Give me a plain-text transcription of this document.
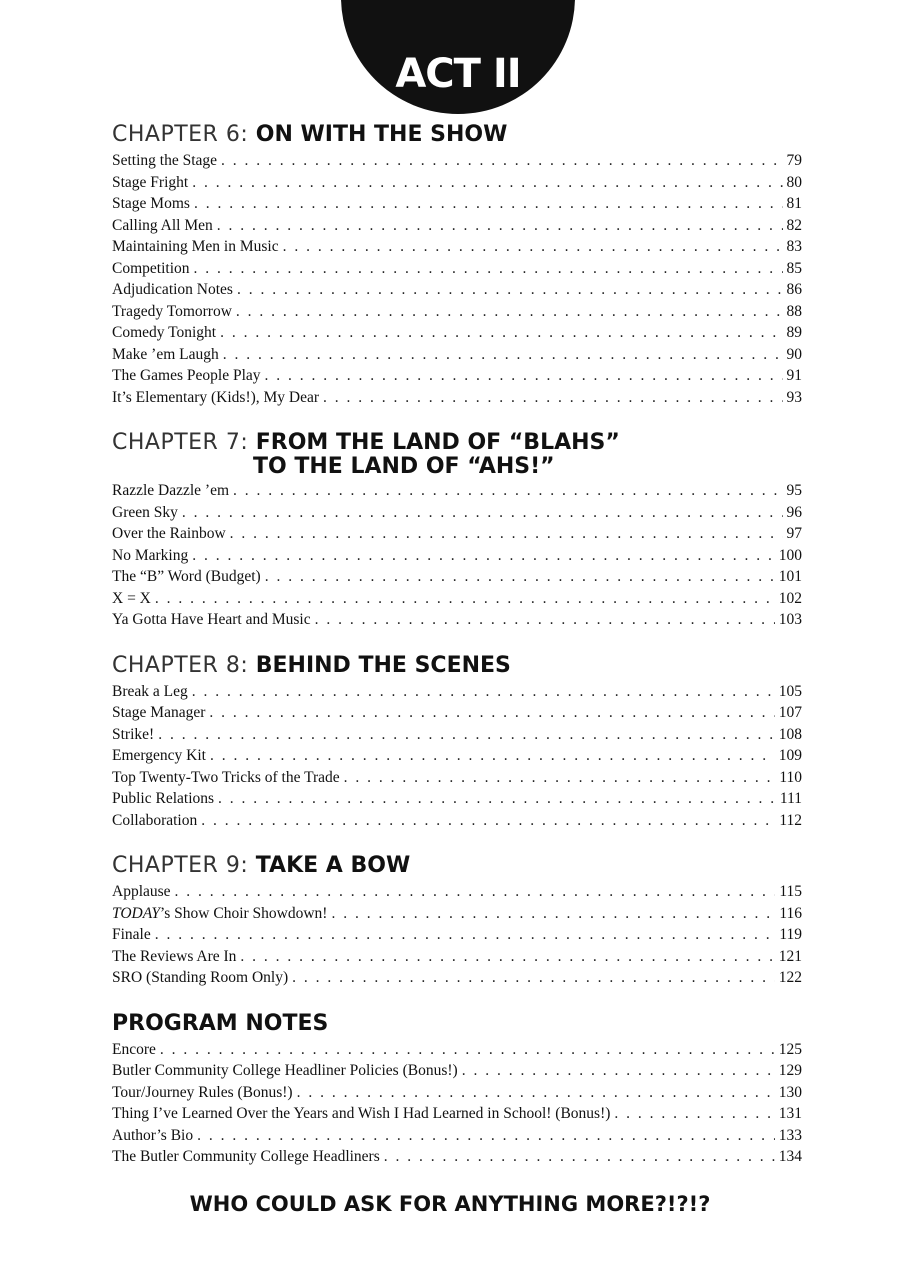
ACT II
CHAPTER 6: ON WITH THE SHOW
Setting the Stage . . .	79
Stage Fright . . .	80
Stage Moms . . .	81
Calling All Men . . .	82
Maintaining Men in Music . . .	83
Competition . . .	85
Adjudication Notes . . .	86
Tragedy Tomorrow . . .	88
Comedy Tonight . . .	89
Make ’em Laugh . . .	90
The Games People Play . . .	91
It’s Elementary (Kids!), My Dear . . .	93
CHAPTER 7: FROM THE LAND OF “BLAHS”
TO THE LAND OF “AHS!”
Razzle Dazzle ’em . . .	95
Green Sky . . .	96
Over the Rainbow . . .	97
No Marking . . .	100
The “B” Word (Budget) . . .	101
X = X . . .	102
Ya Gotta Have Heart and Music . . .	103
CHAPTER 8: BEHIND THE SCENES
Break a Leg . . .	105
Stage Manager . . .	107
Strike! . . .	108
Emergency Kit . . .	109
Top Twenty-Two Tricks of the Trade . . .	110
Public Relations . . .	111
Collaboration . . .	112
CHAPTER 9: TAKE A BOW
Applause . . .	115
TODAY’s Show Choir Showdown! . . .	116
Finale . . .	119
The Reviews Are In . . .	121
SRO (Standing Room Only) . . .	122
PROGRAM NOTES
Encore . . .	125
Butler Community College Headliner Policies (Bonus!) . . .	129
Tour/Journey Rules (Bonus!) . . .	130
Thing I’ve Learned Over the Years and Wish I Had Learned in School! (Bonus!) . . .	131
Author’s Bio . . .	133
The Butler Community College Headliners . . .	134
WHO COULD ASK FOR ANYTHING MORE?!?!?
